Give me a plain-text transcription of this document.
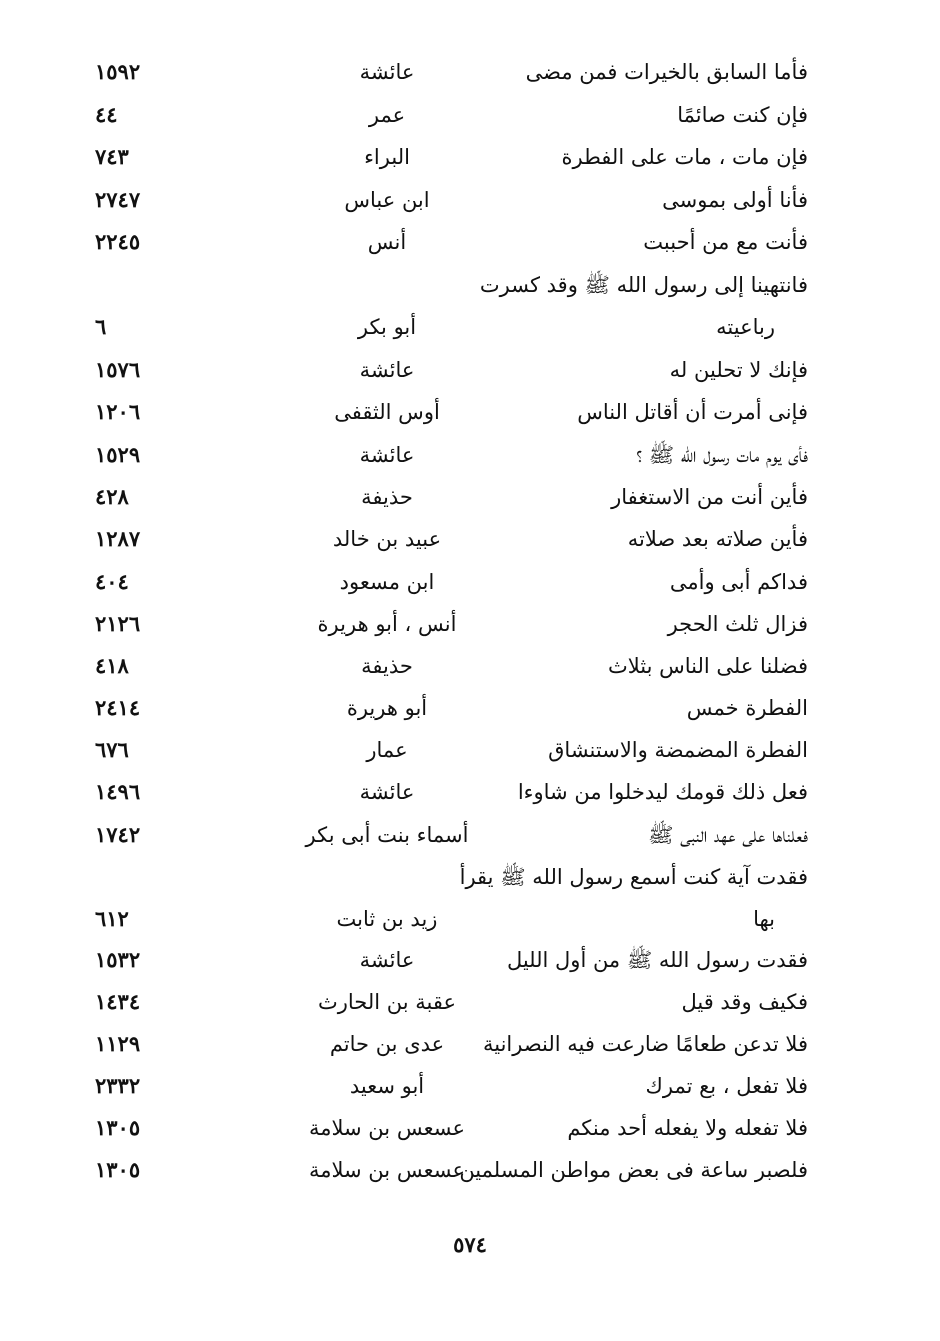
فأما السابق بالخيرات فمن مضى
عائشة
١٥٩٢
فإن كنت صائمًا
عمر
٤٤
فإن مات ، مات على الفطرة
البراء
٧٤٣
فأنا أولى بموسى
ابن عباس
٢٧٤٧
فأنت مع من أحببت
أنس
٢٢٤٥
فانتهينا إلى رسول الله ﷺ وقد كسرت
رباعيته
أبو بكر
٦
فإنك لا تحلين له
عائشة
١٥٧٦
فإنى أمرت أن أقاتل الناس
أوس الثقفى
١٢٠٦
فأى يوم مات رسول الله ﷺ ؟
عائشة
١٥٢٩
فأين أنت من الاستغفار
حذيفة
٤٢٨
فأين صلاته بعد صلاته
عبيد بن خالد
١٢٨٧
فداكم أبى وأمى
ابن مسعود
٤٠٤
فزال ثلث الحجر
أنس ، أبو هريرة
٢١٢٦
فضلنا على الناس بثلاث
حذيفة
٤١٨
الفطرة خمس
أبو هريرة
٢٤١٤
الفطرة المضمضة والاستنشاق
عمار
٦٧٦
فعل ذلك قومك ليدخلوا من شاوءا
عائشة
١٤٩٦
فعلناها على عهد النبى ﷺ
أسماء بنت أبى بكر
١٧٤٢
فقدت آية كنت أسمع رسول الله ﷺ يقرأ
بها
زيد بن ثابت
٦١٢
فقدت رسول الله ﷺ من أول الليل
عائشة
١٥٣٢
فكيف وقد قيل
عقبة بن الحارث
١٤٣٤
فلا تدعن طعامًا ضارعت فيه النصرانية
عدى بن حاتم
١١٢٩
فلا تفعل ، بع تمرك
أبو سعيد
٢٣٣٢
فلا تفعله ولا يفعله أحد منكم
عسعس بن سلامة
١٣٠٥
فلصبر ساعة فى بعض مواطن المسلمين
عسعس بن سلامة
١٣٠٥
٥٧٤
